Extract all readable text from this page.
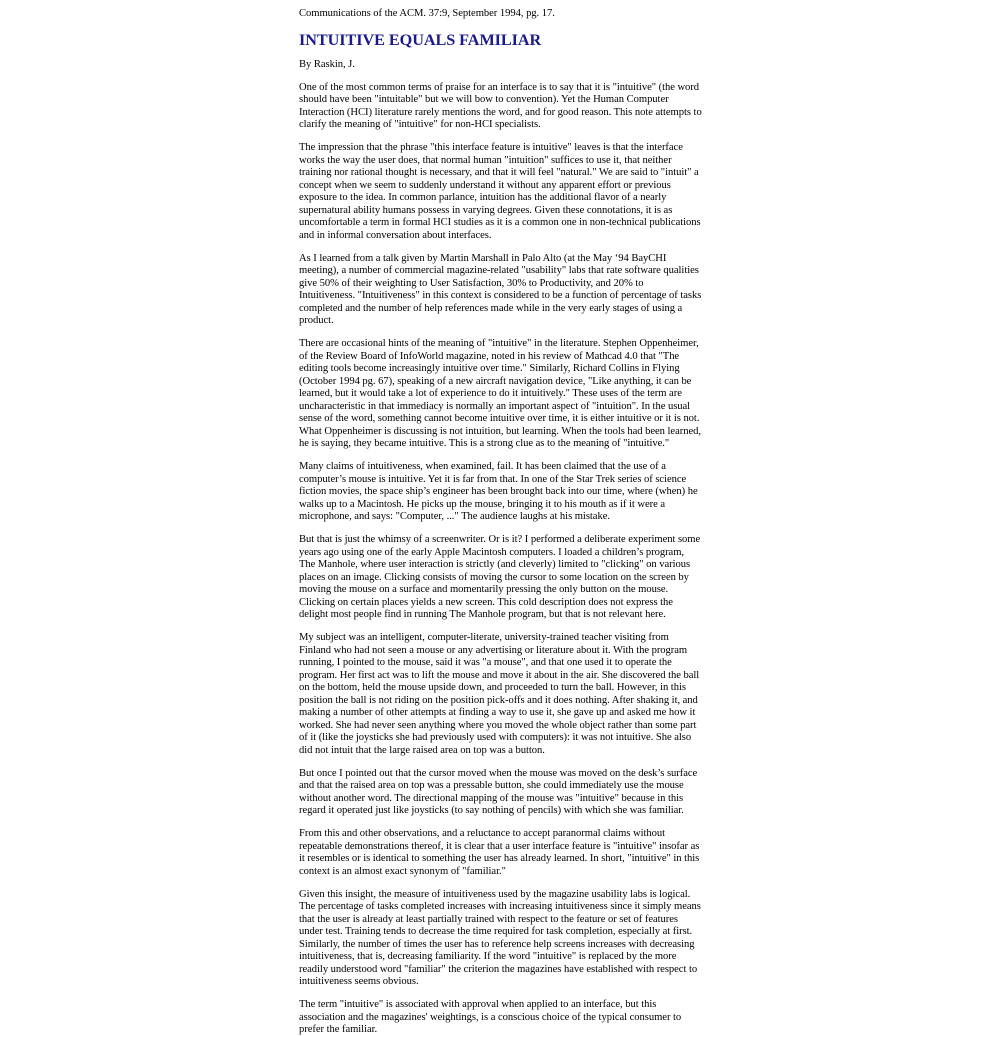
Communications of the ACM. 37:9, September 1994, pg. 17.

INTUITIVE EQUALS FAMILIAR

By Raskin, J.

One of the most common terms of praise for an interface is to say that it is "intuitive" (the word should have been "intuitable" but we will bow to convention). Yet the Human Computer Interaction (HCI) literature rarely mentions the word, and for good reason. This note attempts to clarify the meaning of "intuitive" for non-HCI specialists.

The impression that the phrase "this interface feature is intuitive" leaves is that the interface works the way the user does, that normal human "intuition" suffices to use it, that neither training nor rational thought is necessary, and that it will feel "natural." We are said to "intuit" a concept when we seem to suddenly understand it without any apparent effort or previous exposure to the idea. In common parlance, intuition has the additional flavor of a nearly supernatural ability humans possess in varying degrees. Given these connotations, it is as uncomfortable a term in formal HCI studies as it is a common one in non-technical publications and in informal conversation about interfaces.

As I learned from a talk given by Martin Marshall in Palo Alto (at the May ‘94 BayCHI meeting), a number of commercial magazine-related "usability" labs that rate software qualities give 50% of their weighting to User Satisfaction, 30% to Productivity, and 20% to Intuitiveness. "Intuitiveness" in this context is considered to be a function of percentage of tasks completed and the number of help references made while in the very early stages of using a product.

There are occasional hints of the meaning of "intuitive" in the literature. Stephen Oppenheimer, of the Review Board of InfoWorld magazine, noted in his review of Mathcad 4.0 that "The editing tools become increasingly intuitive over time." Similarly, Richard Collins in Flying (October 1994 pg. 67), speaking of a new aircraft navigation device, "Like anything, it can be learned, but it would take a lot of experience to do it intuitively." These uses of the term are uncharacteristic in that immediacy is normally an important aspect of "intuition". In the usual sense of the word, something cannot become intuitive over time, it is either intuitive or it is not. What Oppenheimer is discussing is not intuition, but learning. When the tools had been learned, he is saying, they became intuitive. This is a strong clue as to the meaning of "intuitive."

Many claims of intuitiveness, when examined, fail. It has been claimed that the use of a computer’s mouse is intuitive. Yet it is far from that. In one of the Star Trek series of science fiction movies, the space ship’s engineer has been brought back into our time, where (when) he walks up to a Macintosh. He picks up the mouse, bringing it to his mouth as if it were a microphone, and says: "Computer, ..." The audience laughs at his mistake.

But that is just the whimsy of a screenwriter. Or is it? I performed a deliberate experiment some years ago using one of the early Apple Macintosh computers. I loaded a children’s program, The Manhole, where user interaction is strictly (and cleverly) limited to "clicking" on various places on an image. Clicking consists of moving the cursor to some location on the screen by moving the mouse on a surface and momentarily pressing the only button on the mouse. Clicking on certain places yields a new screen. This cold description does not express the delight most people find in running The Manhole program, but that is not relevant here.

My subject was an intelligent, computer-literate, university-trained teacher visiting from Finland who had not seen a mouse or any advertising or literature about it. With the program running, I pointed to the mouse, said it was "a mouse", and that one used it to operate the program. Her first act was to lift the mouse and move it about in the air. She discovered the ball on the bottom, held the mouse upside down, and proceeded to turn the ball. However, in this position the ball is not riding on the position pick-offs and it does nothing. After shaking it, and making a number of other attempts at finding a way to use it, she gave up and asked me how it worked. She had never seen anything where you moved the whole object rather than some part of it (like the joysticks she had previously used with computers): it was not intuitive. She also did not intuit that the large raised area on top was a button.

But once I pointed out that the cursor moved when the mouse was moved on the desk’s surface and that the raised area on top was a pressable button, she could immediately use the mouse without another word. The directional mapping of the mouse was "intuitive" because in this regard it operated just like joysticks (to say nothing of pencils) with which she was familiar.

From this and other observations, and a reluctance to accept paranormal claims without repeatable demonstrations thereof, it is clear that a user interface feature is "intuitive" insofar as it resembles or is identical to something the user has already learned. In short, "intuitive" in this context is an almost exact synonym of "familiar."

Given this insight, the measure of intuitiveness used by the magazine usability labs is logical. The percentage of tasks completed increases with increasing intuitiveness since it simply means that the user is already at least partially trained with respect to the feature or set of features under test. Training tends to decrease the time required for task completion, especially at first. Similarly, the number of times the user has to reference help screens increases with decreasing intuitiveness, that is, decreasing familiarity. If the word "intuitive" is replaced by the more readily understood word "familiar" the criterion the magazines have established with respect to intuitiveness seems obvious.

The term "intuitive" is associated with approval when applied to an interface, but this association and the magazines' weightings, is a conscious choice of the typical consumer to prefer the familiar.
